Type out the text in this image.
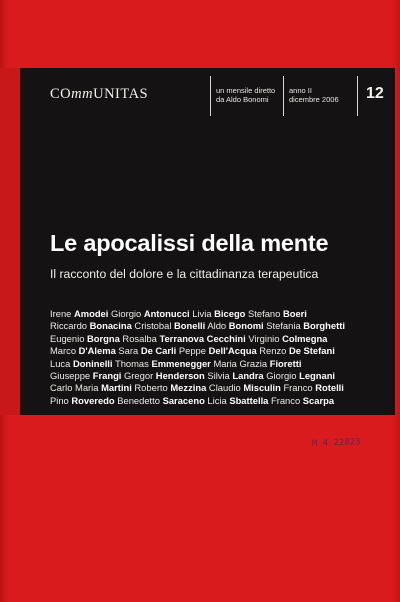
COmmUNITAS	un mensile diretto
da Aldo Bonomi
anno II
dicembre 2006 12
Le apocalissi della mente

Il racconto del dolore e la cittadinanza terapeutica

Irene Amodei Giorgio Antonucci Livia Bicego Stefano Boeri
Riccardo Bonacina Cristobal Bonelli Aldo Bonomi Stefania Borghetti
Eugenio Borgna Rosalba Terranova Cecchini Virginio Colmegna
Marco D'Alema Sara De Carli Peppe Dell'Acqua Renzo De Stefani
Luca Doninelli Thomas Emmenegger Maria Grazia Fioretti
Giuseppe Frangi Gregor Henderson Silvia Landra Giorgio Legnani
Carlo Maria Martini Roberto Mezzina Claudio Misculin Franco Rotelli
Pino Roveredo Benedetto Saraceno Licia Sbattella Franco Scarpa
M 4 22823
